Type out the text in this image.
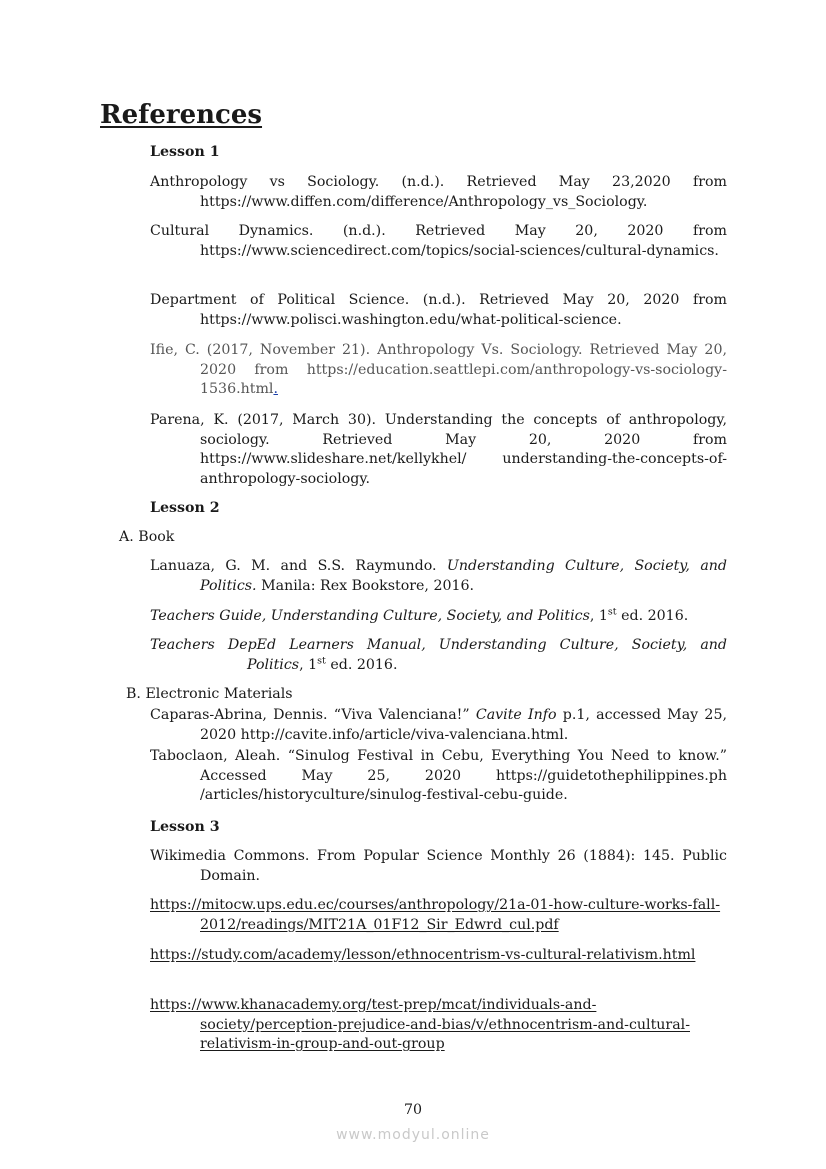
References

Lesson 1

Anthropology vs Sociology. (n.d.). Retrieved May 23,2020 from https://www.diffen.com/difference/Anthropology_vs_Sociology.

Cultural Dynamics. (n.d.). Retrieved May 20, 2020 from https://www.sciencedirect.com/topics/social-sciences/cultural-dynamics.

Department of Political Science. (n.d.). Retrieved May 20, 2020 from https://www.polisci.washington.edu/what-political-science.

Ifie, C. (2017, November 21). Anthropology Vs. Sociology. Retrieved May 20, 2020 from https://education.seattlepi.com/anthropology-vs-sociology-1536.html.

Parena, K. (2017, March 30). Understanding the concepts of anthropology, sociology. Retrieved May 20, 2020 from https://www.slideshare.net/kellykhel/ understanding-the-concepts-of-anthropology-sociology.

Lesson 2

A. Book

Lanuaza, G. M. and S.S. Raymundo. Understanding Culture, Society, and Politics. Manila: Rex Bookstore, 2016.

Teachers Guide, Understanding Culture, Society, and Politics, 1st ed. 2016.

Teachers DepEd Learners Manual, Understanding Culture, Society, and Politics, 1st ed. 2016.

B. Electronic Materials

Caparas-Abrina, Dennis. “Viva Valenciana!” Cavite Info p.1, accessed May 25, 2020 http://cavite.info/article/viva-valenciana.html.

Taboclaon, Aleah. “Sinulog Festival in Cebu, Everything You Need to know.” Accessed May 25, 2020 https://guidetothephilippines.ph /articles/historyculture/sinulog-festival-cebu-guide.

Lesson 3

Wikimedia Commons. From Popular Science Monthly 26 (1884): 145. Public Domain.

https://mitocw.ups.edu.ec/courses/anthropology/21a-01-how-culture-works-fall-2012/readings/MIT21A_01F12_Sir_Edwrd_cul.pdf

https://study.com/academy/lesson/ethnocentrism-vs-cultural-relativism.html

https://www.khanacademy.org/test-prep/mcat/individuals-and-society/perception-prejudice-and-bias/v/ethnocentrism-and-cultural-relativism-in-group-and-out-group

70

www.modyul.online
